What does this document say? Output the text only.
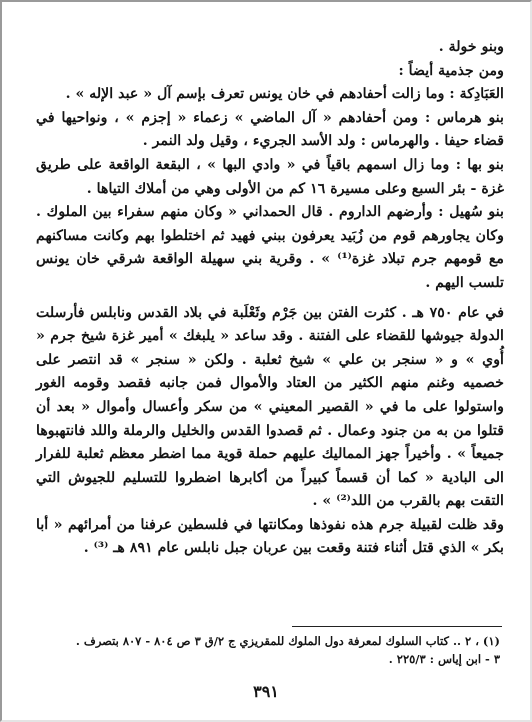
وبنو خولة .

ومن جذمية أيضاً :

العَبَادِكة : وما زالت أحفادهم في خان يونس تعرف بإسم آل « عبد الإله » .

بنو هرماس : ومن أحفادهم « آل الماضي » زعماء « إجزم » ، ونواحيها في قضاء حيفا . والهرماس : ولد الأسد الجريء ، وقيل ولد النمر .

بنو بها : وما زال اسمهم باقياً في « وادي البها » ، البقعة الواقعة على طريق غزة - بئر السبع وعلى مسيرة ١٦ كم من الأولى وهي من أملاك التياها .

بنو سُهيل : وأرضهم الداروم . قال الحمداني « وكان منهم سفراء بين الملوك . وكان يجاورهم قوم من زُبَيد يعرفون ببني فهيد ثم اختلطوا بهم وكانت مساكنهم مع قومهم جرم تبلاد غزة⁽¹⁾ » . وقرية بني سهيلة الواقعة شرقي خان يونس تلسب اليهم .

في عام ٧٥٠ هـ . كثرت الفتن بين جَرْم وثَعْلَبة في بلاد القدس ونابلس فأرسلت الدولة جيوشها للقضاء على الفتنة . وقد ساعد « يلبغك » أمير غزة شيخ جرم « أُوي » و « سنجر بن علي » شيخ ثعلبة . ولكن « سنجر » قد انتصر على خصميه وغنم منهم الكثير من العتاد والأموال فمن جانبه فقصد وقومه الغور واستولوا على ما في « القصير المعيني » من سكر وأعسال وأموال « بعد أن قتلوا من به من جنود وعمال . ثم قصدوا القدس والخليل والرملة واللد فانتهبوها جميعاً » . وأخيراً جهز المماليك عليهم حملة قوية مما اضطر معظم ثعلبة للفرار الى البادية « كما أن قسماً كبيراً من أكابرها اضطروا للتسليم للجيوش التي التقت بهم بالقرب من اللد⁽²⁾ » .

وقد ظلت لقبيلة جرم هذه نفوذها ومكانتها في فلسطين عرفنا من أمرائهم « أبا بكر » الذي قتل أثناء فتنة وقعت بين عربان جبل نابلس عام ٨٩١ هـ ⁽³⁾ .

(١) ، ٢ .. كتاب السلوك لمعرفة دول الملوك للمقريزي ج ٢/ق ٣ ص ٨٠٤ - ٨٠٧ بتصرف .

٣ - ابن إياس : ٢٢٥/٣ .

٣٩١
